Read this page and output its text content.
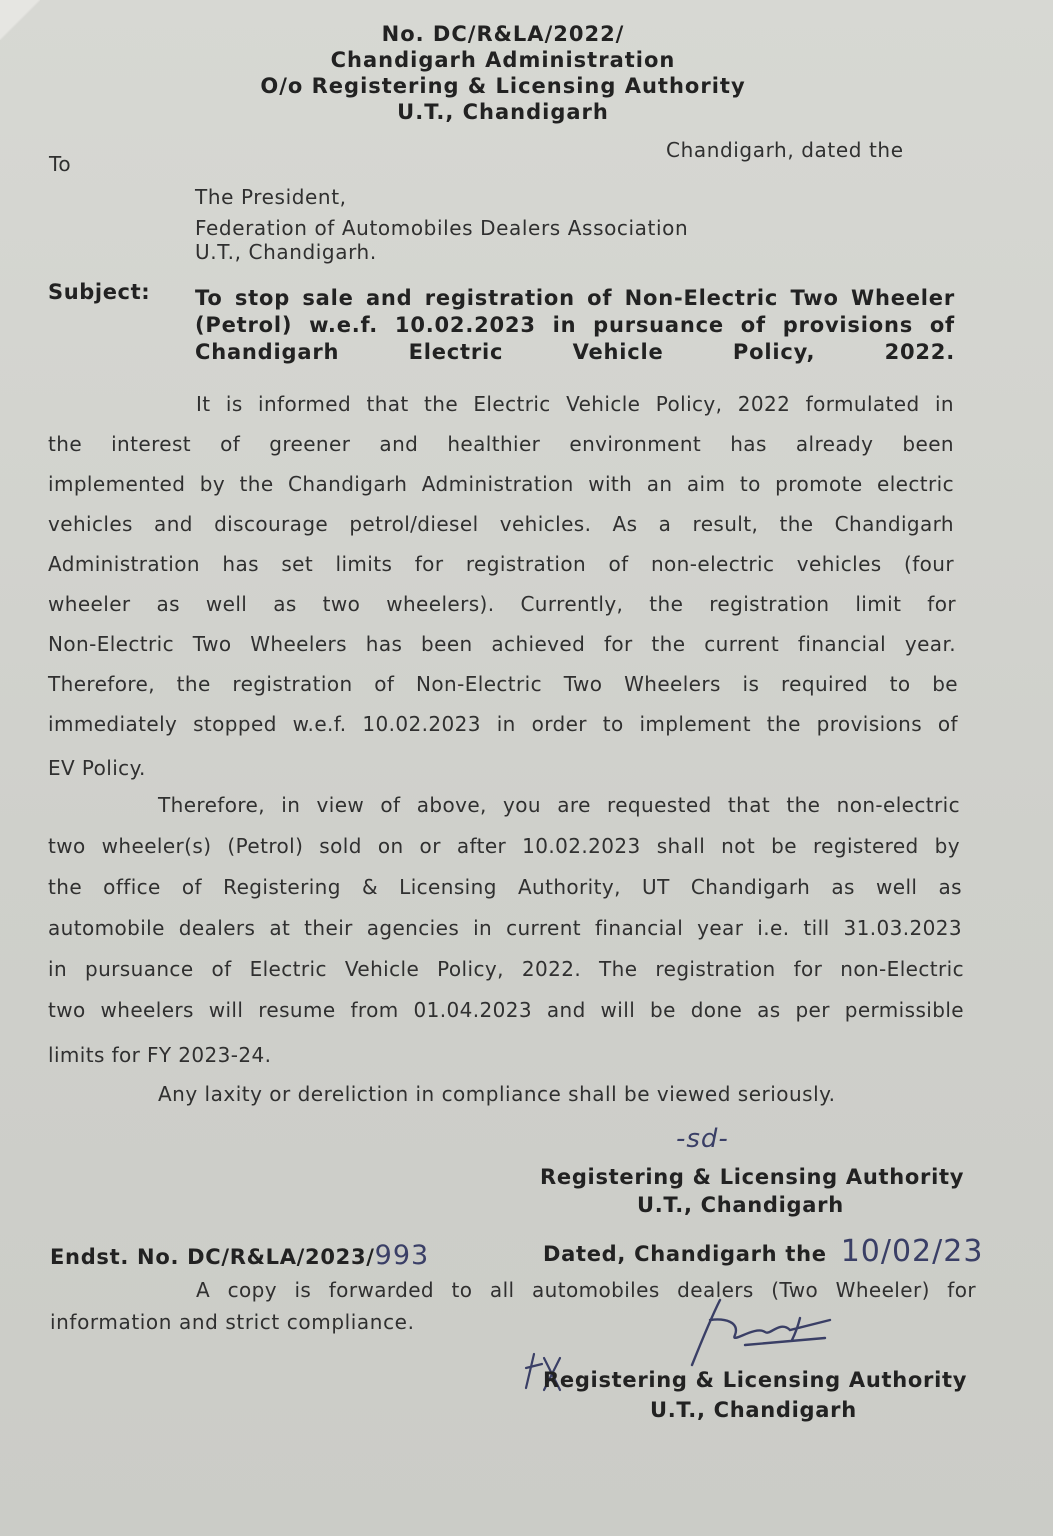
No. DC/R&LA/2022/
Chandigarh Administration
O/o Registering & Licensing Authority
U.T., Chandigarh
To
Chandigarh, dated the
The President,
Federation of Automobiles Dealers Association
U.T., Chandigarh.
Subject: To stop sale and registration of Non-Electric Two Wheeler
(Petrol) w.e.f. 10.02.2023 in pursuance of provisions of
Chandigarh Electric Vehicle Policy, 2022.
It is informed that the Electric Vehicle Policy, 2022 formulated in
the interest of greener and healthier environment has already been
implemented by the Chandigarh Administration with an aim to promote electric
vehicles and discourage petrol/diesel vehicles. As a result, the Chandigarh
Administration has set limits for registration of non-electric vehicles (four
wheeler as well as two wheelers). Currently, the registration limit for
Non-Electric Two Wheelers has been achieved for the current financial year.
Therefore, the registration of Non-Electric Two Wheelers is required to be
immediately stopped w.e.f. 10.02.2023 in order to implement the provisions of
EV Policy.
Therefore, in view of above, you are requested that the non-electric
two wheeler(s) (Petrol) sold on or after 10.02.2023 shall not be registered by
the office of Registering & Licensing Authority, UT Chandigarh as well as
automobile dealers at their agencies in current financial year i.e. till 31.03.2023
in pursuance of Electric Vehicle Policy, 2022. The registration for non-Electric
two wheelers will resume from 01.04.2023 and will be done as per permissible
limits for FY 2023-24.
Any laxity or dereliction in compliance shall be viewed seriously.
-sd-
Registering & Licensing Authority
U.T., Chandigarh
Endst. No. DC/R&LA/2023/993	Dated, Chandigarh the 10/02/23
A copy is forwarded to all automobiles dealers (Two Wheeler) for
information and strict compliance.
Registering & Licensing Authority
U.T., Chandigarh
